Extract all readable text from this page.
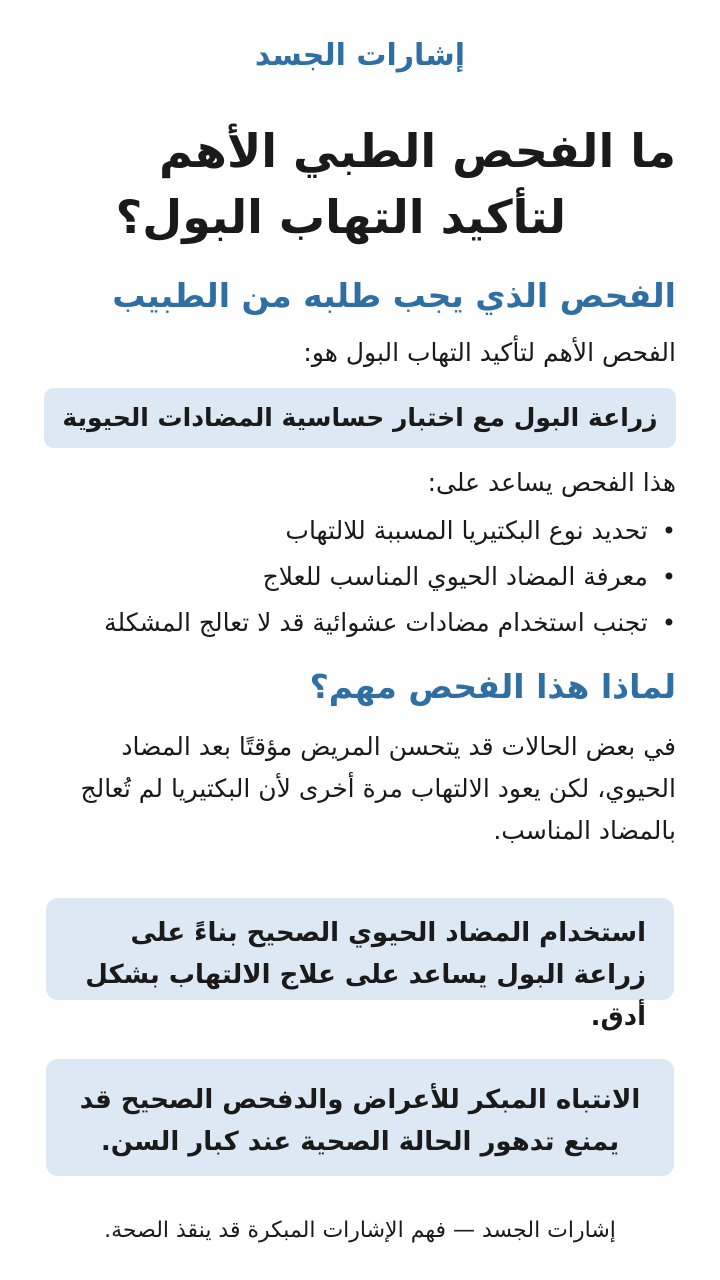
إشارات الجسد
ما الفحص الطبي الأهم
لتأكيد التهاب البول؟
الفحص الذي يجب طلبه من الطبيب

الفحص الأهم لتأكيد التهاب البول هو:

زراعة البول مع اختبار حساسية المضادات الحيوية

هذا الفحص يساعد على:

• تحديد نوع البكتيريا المسببة للالتهاب
• معرفة المضاد الحيوي المناسب للعلاج
• تجنب استخدام مضادات عشوائية قد لا تعالج المشكلة
لماذا هذا الفحص مهم؟

في بعض الحالات قد يتحسن المريض مؤقتًا بعد المضاد الحيوي، لكن يعود الالتهاب مرة أخرى لأن البكتيريا لم تُعالج بالمضاد المناسب.

استخدام المضاد الحيوي الصحيح بناءً على زراعة البول يساعد على علاج الالتهاب بشكل أدق.
الانتباه المبكر للأعراض والدفحص الصحيح قد يمنع تدهور الحالة الصحية عند كبار السن.
إشارات الجسد — فهم الإشارات المبكرة قد ينقذ الصحة.
